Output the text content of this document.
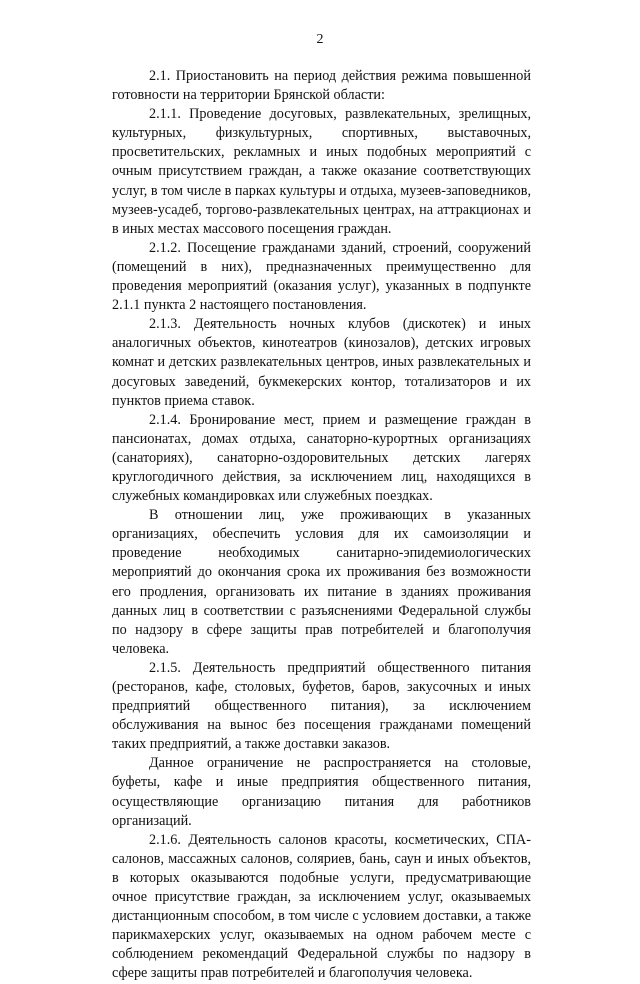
2

2.1. Приостановить на период действия режима повышенной готовности на территории Брянской области:

2.1.1. Проведение досуговых, развлекательных, зрелищных, культурных, физкультурных, спортивных, выставочных, просветительских, рекламных и иных подобных мероприятий с очным присутствием граждан, а также оказание соответствующих услуг, в том числе в парках культуры и отдыха, музеев-заповедников, музеев-усадеб, торгово-развлекательных центрах, на аттракционах и в иных местах массового посещения граждан.

2.1.2. Посещение гражданами зданий, строений, сооружений (помещений в них), предназначенных преимущественно для проведения мероприятий (оказания услуг), указанных в подпункте 2.1.1 пункта 2 настоящего постановления.

2.1.3. Деятельность ночных клубов (дискотек) и иных аналогичных объектов, кинотеатров (кинозалов), детских игровых комнат и детских развлекательных центров, иных развлекательных и досуговых заведений, букмекерских контор, тотализаторов и их пунктов приема ставок.

2.1.4. Бронирование мест, прием и размещение граждан в пансионатах, домах отдыха, санаторно-курортных организациях (санаториях), санаторно-оздоровительных детских лагерях круглогодичного действия, за исключением лиц, находящихся в служебных командировках или служебных поездках.

В отношении лиц, уже проживающих в указанных организациях, обеспечить условия для их самоизоляции и проведение необходимых санитарно-эпидемиологических мероприятий до окончания срока их проживания без возможности его продления, организовать их питание в зданиях проживания данных лиц в соответствии с разъяснениями Федеральной службы по надзору в сфере защиты прав потребителей и благополучия человека.

2.1.5. Деятельность предприятий общественного питания (ресторанов, кафе, столовых, буфетов, баров, закусочных и иных предприятий общественного питания), за исключением обслуживания на вынос без посещения гражданами помещений таких предприятий, а также доставки заказов.

Данное ограничение не распространяется на столовые, буфеты, кафе и иные предприятия общественного питания, осуществляющие организацию питания для работников организаций.

2.1.6. Деятельность салонов красоты, косметических, СПА-салонов, массажных салонов, соляриев, бань, саун и иных объектов, в которых оказываются подобные услуги, предусматривающие очное присутствие граждан, за исключением услуг, оказываемых дистанционным способом, в том числе с условием доставки, а также парикмахерских услуг, оказываемых на одном рабочем месте с соблюдением рекомендаций Федеральной службы по надзору в сфере защиты прав потребителей и благополучия человека.
